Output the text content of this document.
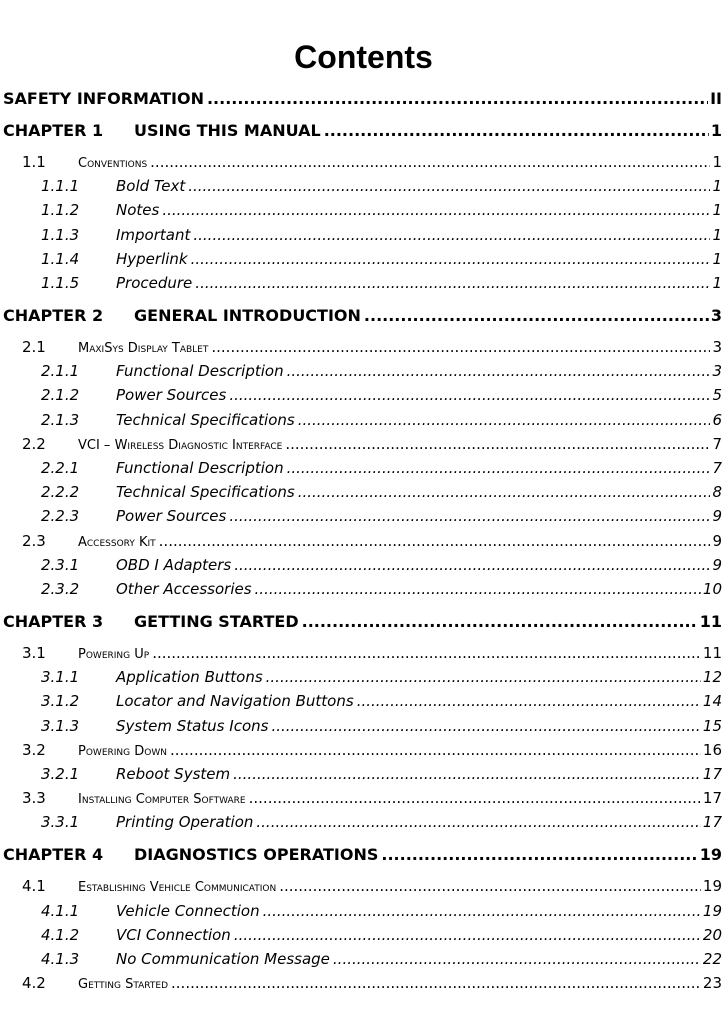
Contents
SAFETY INFORMATION .....	II
CHAPTER 1	USING THIS MANUAL .....	1
1.1	Conventions .....	1
1.1.1	Bold Text .....	1
1.1.2	Notes .....	1
1.1.3	Important .....	1
1.1.4	Hyperlink .....	1
1.1.5	Procedure .....	1
CHAPTER 2	GENERAL INTRODUCTION .....	3
2.1	MaxiSys Display Tablet .....	3
2.1.1	Functional Description .....	3
2.1.2	Power Sources .....	5
2.1.3	Technical Specifications .....	6
2.2	VCI – Wireless Diagnostic Interface .....	7
2.2.1	Functional Description .....	7
2.2.2	Technical Specifications .....	8
2.2.3	Power Sources .....	9
2.3	Accessory Kit .....	9
2.3.1	OBD I Adapters .....	9
2.3.2	Other Accessories .....	10
CHAPTER 3	GETTING STARTED .....	11
3.1	Powering Up .....	11
3.1.1	Application Buttons .....	12
3.1.2	Locator and Navigation Buttons .....	14
3.1.3	System Status Icons .....	15
3.2	Powering Down .....	16
3.2.1	Reboot System .....	17
3.3	Installing Computer Software .....	17
3.3.1	Printing Operation .....	17
CHAPTER 4	DIAGNOSTICS OPERATIONS .....	19
4.1	Establishing Vehicle Communication .....	19
4.1.1	Vehicle Connection .....	19
4.1.2	VCI Connection .....	20
4.1.3	No Communication Message .....	22
4.2	Getting Started .....	23
